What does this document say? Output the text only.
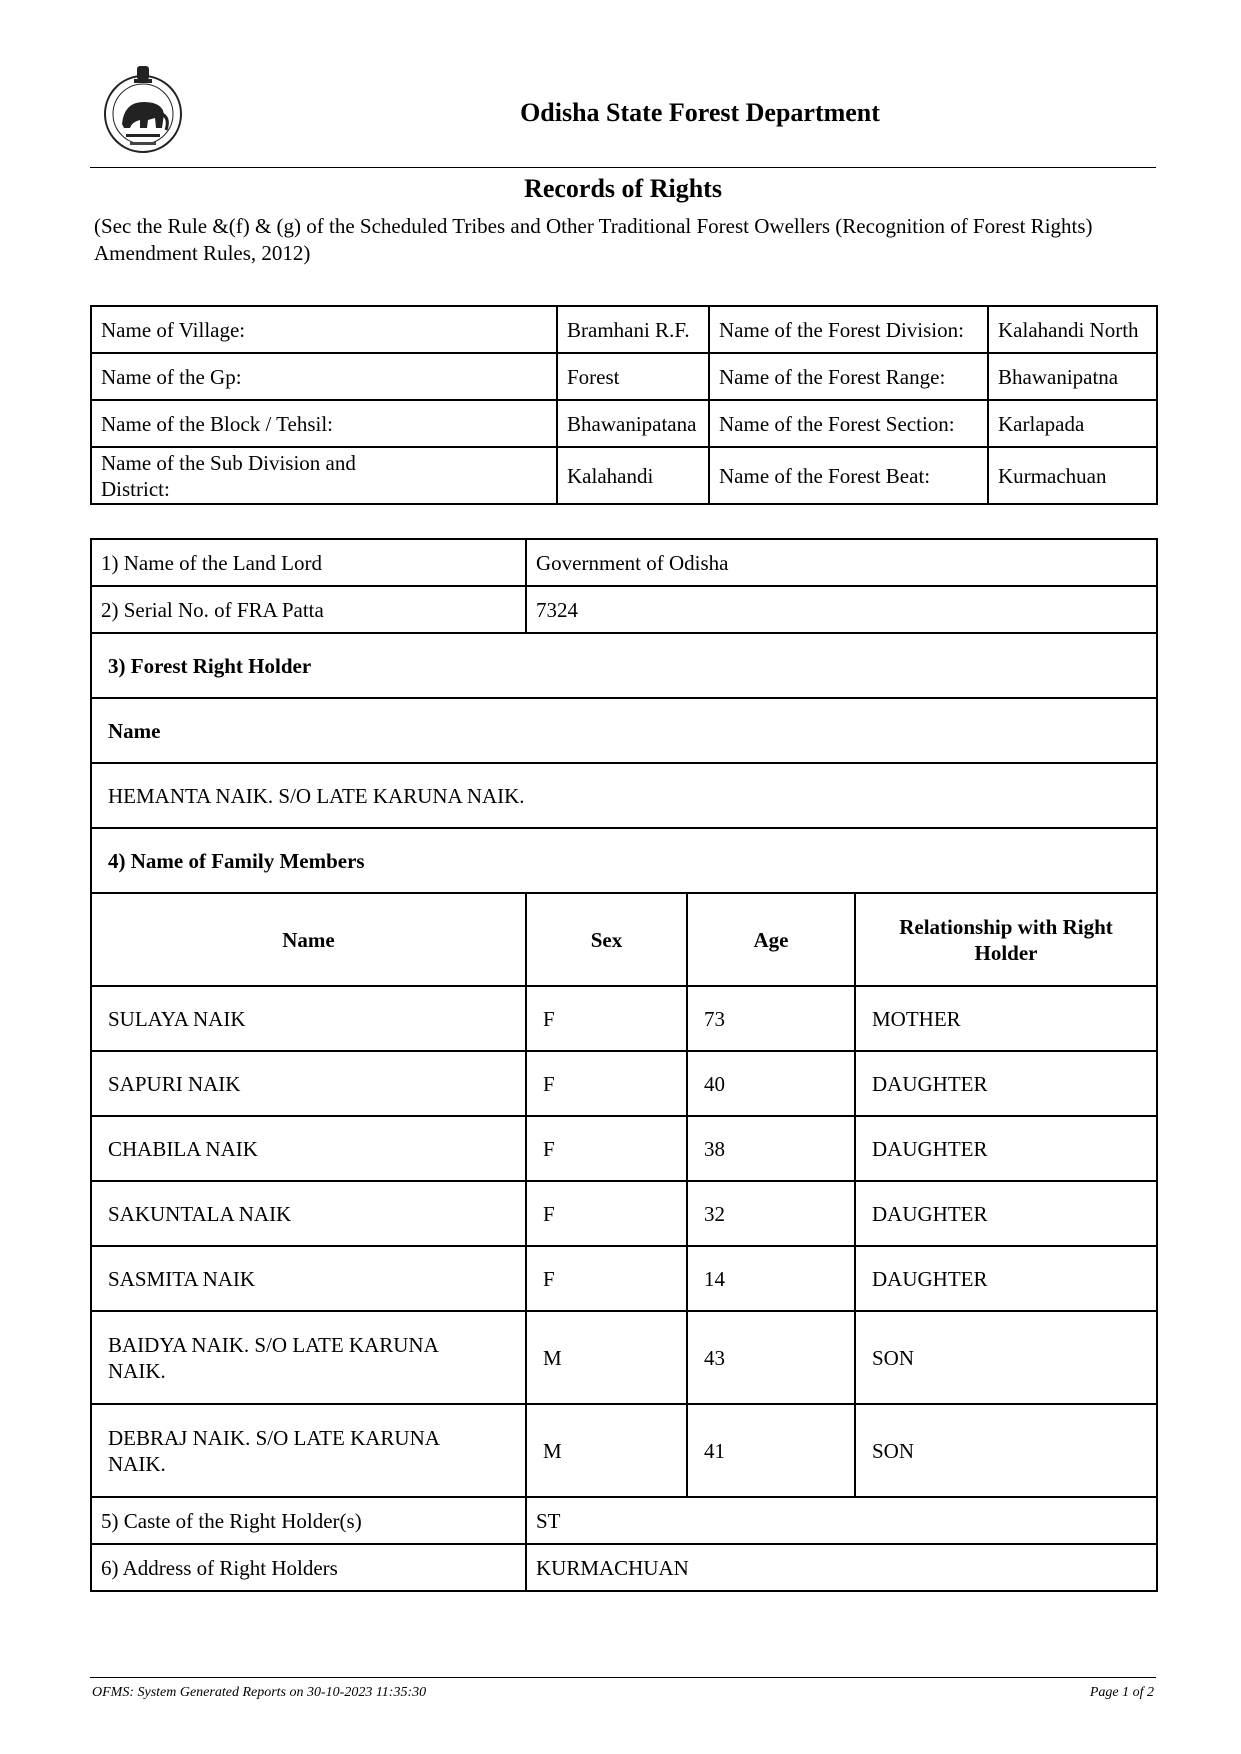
Odisha State Forest Department
Records of Rights
(Sec the Rule &(f) & (g) of the Scheduled Tribes and Other Traditional Forest Owellers (Recognition of Forest Rights) Amendment Rules, 2012)
Name of Village:	Bramhani R.F.	Name of the Forest Division:	Kalahandi North
Name of the Gp:	Forest	Name of the Forest Range:	Bhawanipatna
Name of the Block / Tehsil:	Bhawanipatana	Name of the Forest Section:	Karlapada
Name of the Sub Division and District:	Kalahandi	Name of the Forest Beat:	Kurmachuan
1) Name of the Land Lord	Government of Odisha		
2) Serial No. of FRA Patta	7324		
3) Forest Right Holder			
Name			
HEMANTA NAIK. S/O LATE KARUNA NAIK.			
4) Name of Family Members			
Name	Sex	Age	Relationship with Right Holder
SULAYA NAIK	F	73	MOTHER
SAPURI NAIK	F	40	DAUGHTER
CHABILA NAIK	F	38	DAUGHTER
SAKUNTALA NAIK	F	32	DAUGHTER
SASMITA NAIK	F	14	DAUGHTER
BAIDYA NAIK. S/O LATE KARUNA NAIK.	M	43	SON
DEBRAJ NAIK. S/O LATE KARUNA NAIK.	M	41	SON
5) Caste of the Right Holder(s)	ST		
6) Address of Right Holders	KURMACHUAN		
OFMS: System Generated Reports on 30-10-2023 11:35:30	Page 1 of 2
